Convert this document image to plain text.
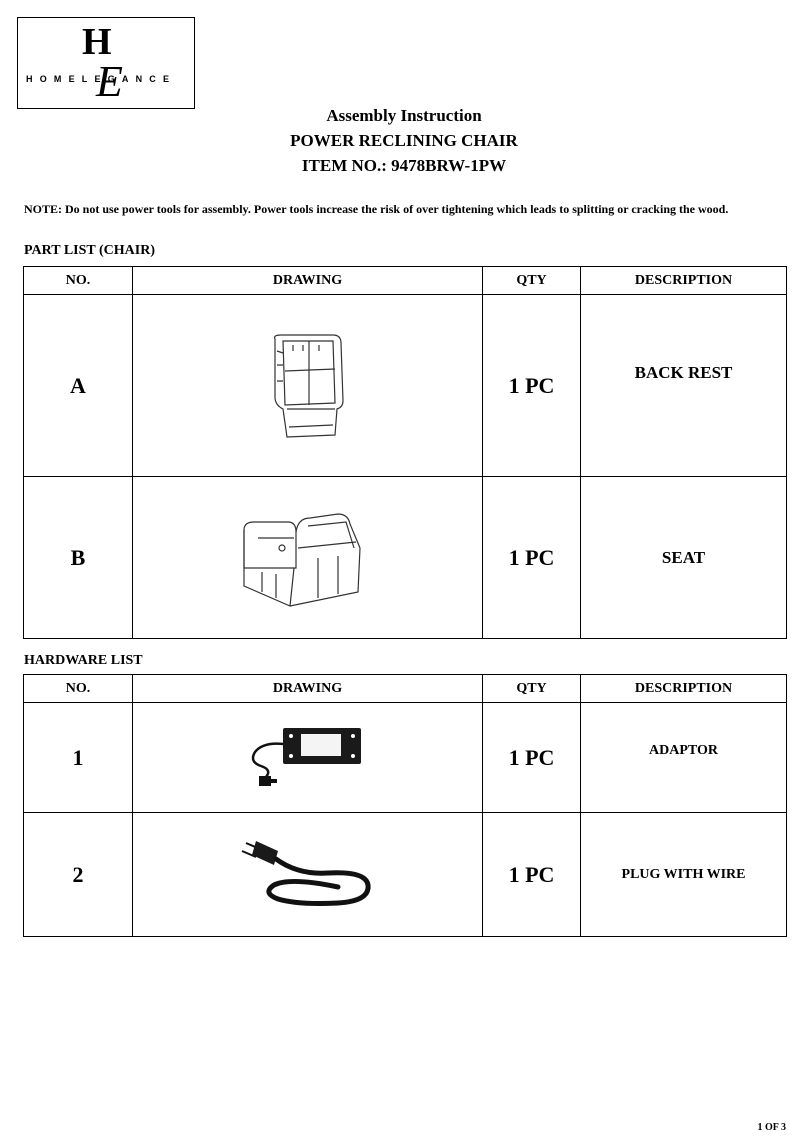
H
E
HOMELEGANCE
Assembly Instruction
POWER RECLINING CHAIR
ITEM NO.: 9478BRW-1PW
NOTE: Do not use power tools for assembly. Power tools increase the risk of over tightening which leads to splitting or cracking the wood.
PART LIST (CHAIR)
NO.	DRAWING	QTY	DESCRIPTION
A		1 PC	BACK REST
B		1 PC	SEAT
HARDWARE LIST
NO.	DRAWING	QTY	DESCRIPTION
1		1 PC	ADAPTOR
2		1 PC	PLUG WITH WIRE
1 OF 3
